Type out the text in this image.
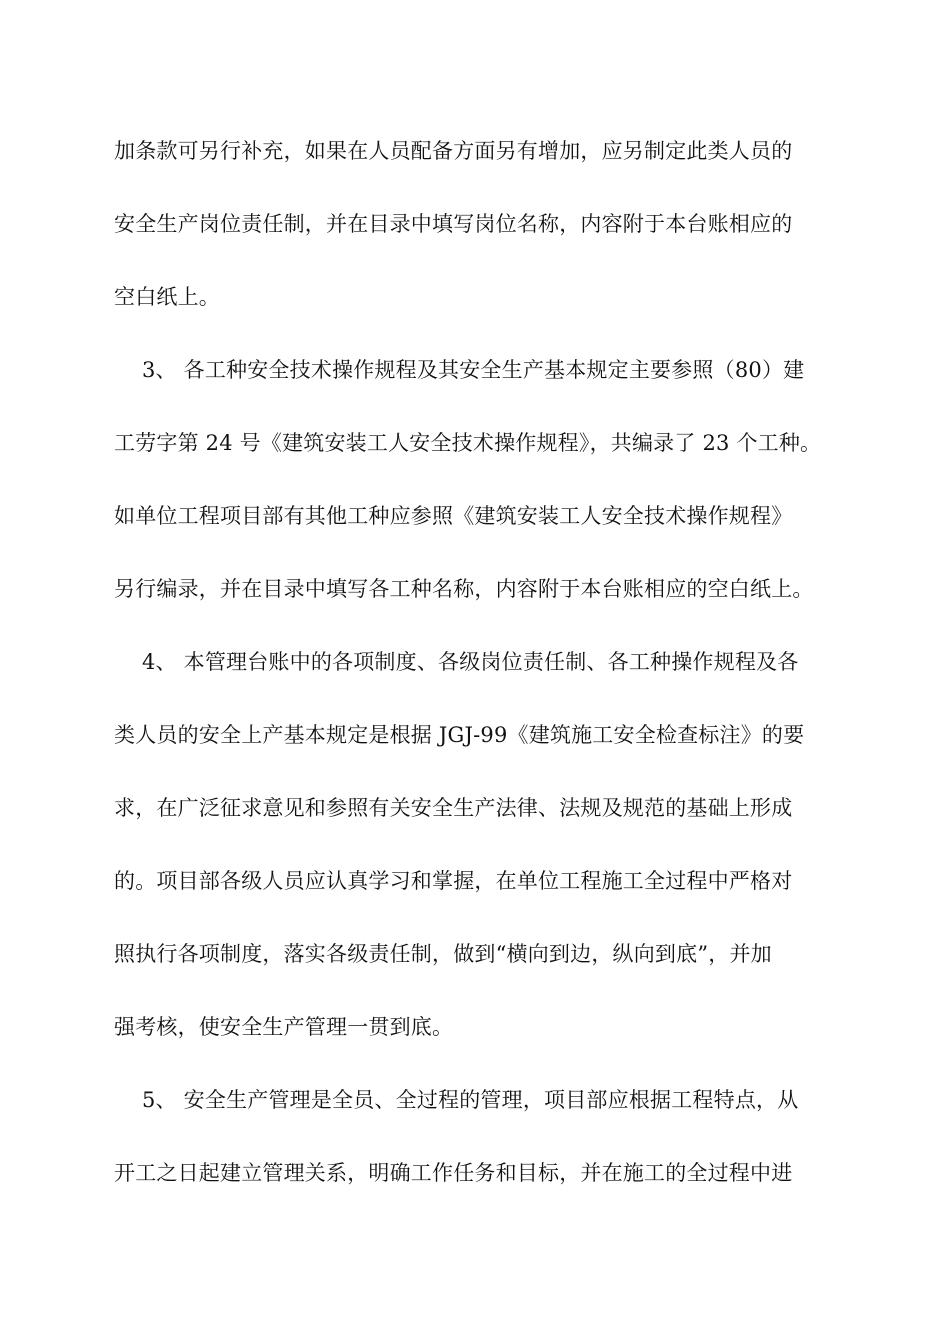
加条款可另行补充，如果在人员配备方面另有增加，应另制定此类人员的
安全生产岗位责任制，并在目录中填写岗位名称，内容附于本台账相应的
空白纸上。
3、 各工种安全技术操作规程及其安全生产基本规定主要参照（80）建
工劳字第 24 号《建筑安装工人安全技术操作规程》，共编录了 23 个工种。
如单位工程项目部有其他工种应参照《建筑安装工人安全技术操作规程》
另行编录，并在目录中填写各工种名称，内容附于本台账相应的空白纸上。
4、 本管理台账中的各项制度、各级岗位责任制、各工种操作规程及各
类人员的安全上产基本规定是根据 JGJ-99《建筑施工安全检查标注》的要
求，在广泛征求意见和参照有关安全生产法律、法规及规范的基础上形成
的。项目部各级人员应认真学习和掌握，在单位工程施工全过程中严格对
照执行各项制度，落实各级责任制，做到“横向到边，纵向到底”，并加
强考核，使安全生产管理一贯到底。
5、 安全生产管理是全员、全过程的管理，项目部应根据工程特点，从
开工之日起建立管理关系，明确工作任务和目标，并在施工的全过程中进
